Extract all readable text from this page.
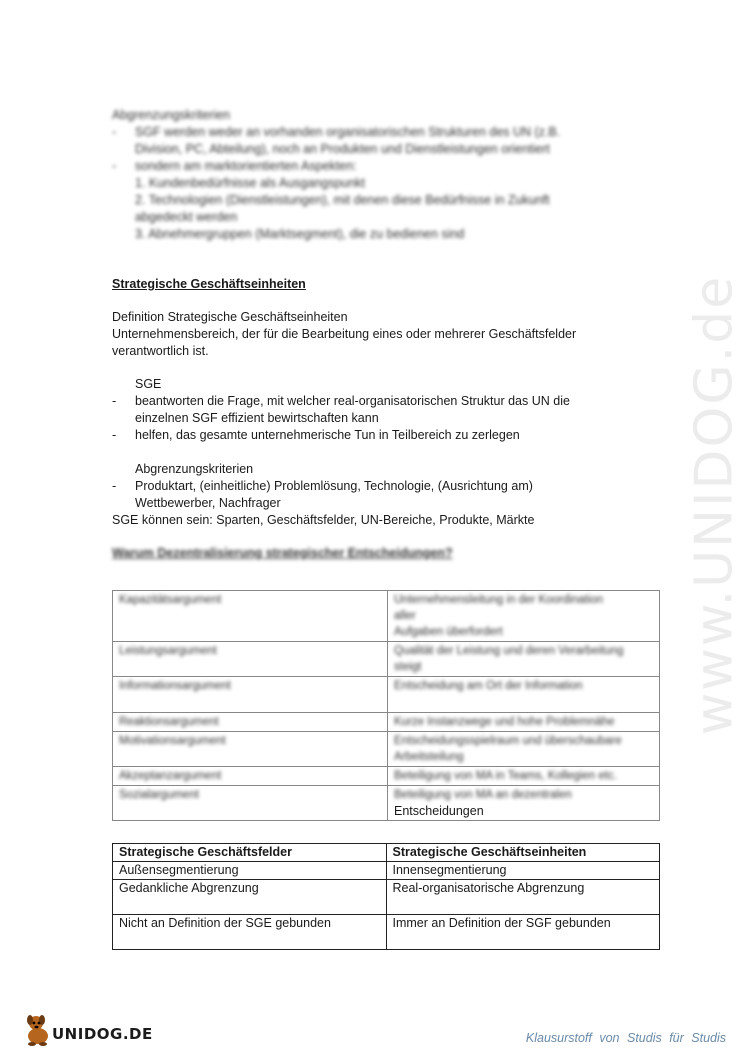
www.UNIDOG.de
Abgrenzungskriterien
- SGF werden weder an vorhanden organisatorischen Strukturen des UN (z.B.
Division, PC, Abteilung), noch an Produkten und Dienstleistungen orientiert
- sondern am marktorientierten Aspekten:
1. Kundenbedürfnisse als Ausgangspunkt
2. Technologien (Dienstleistungen), mit denen diese Bedürfnisse in Zukunft
abgedeckt werden
3. Abnehmergruppen (Marktsegment), die zu bedienen sind
Strategische Geschäftseinheiten
Definition Strategische Geschäftseinheiten
Unternehmensbereich, der für die Bearbeitung eines oder mehrerer Geschäftsfelder
verantwortlich ist.
SGE
- beantworten die Frage, mit welcher real-organisatorischen Struktur das UN die
einzelnen SGF effizient bewirtschaften kann
- helfen, das gesamte unternehmerische Tun in Teilbereich zu zerlegen
Abgrenzungskriterien
- Produktart, (einheitliche) Problemlösung, Technologie, (Ausrichtung am)
Wettbewerber, Nachfrager
SGE können sein: Sparten, Geschäftsfelder, UN-Bereiche, Produkte, Märkte
Warum Dezentralisierung strategischer Entscheidungen?
Kapazitätsargument	Unternehmensleitung in der Koordination
aller
Aufgaben überfordert

Leistungsargument	Qualität der Leistung und deren Verarbeitung
steigt

Informationsargument	Entscheidung am Ort der Information
Reaktionsargument	Kurze Instanzwege und hohe Problemnähe
Motivationsargument	Entscheidungsspielraum und überschaubare
Arbeitsteilung

Akzeptanzargument	Beteiligung von MA in Teams, Kollegien etc.
Sozialargument	Beteiligung von MA an dezentralen
Entscheidungen
Strategische Geschäftsfelder	Strategische Geschäftseinheiten
Außensegmentierung	Innensegmentierung
Gedankliche Abgrenzung	Real-organisatorische Abgrenzung
Nicht an Definition der SGE gebunden	Immer an Definition der SGF gebunden
UNIDOG.DE	Klausurstoff von Studis für Studis
